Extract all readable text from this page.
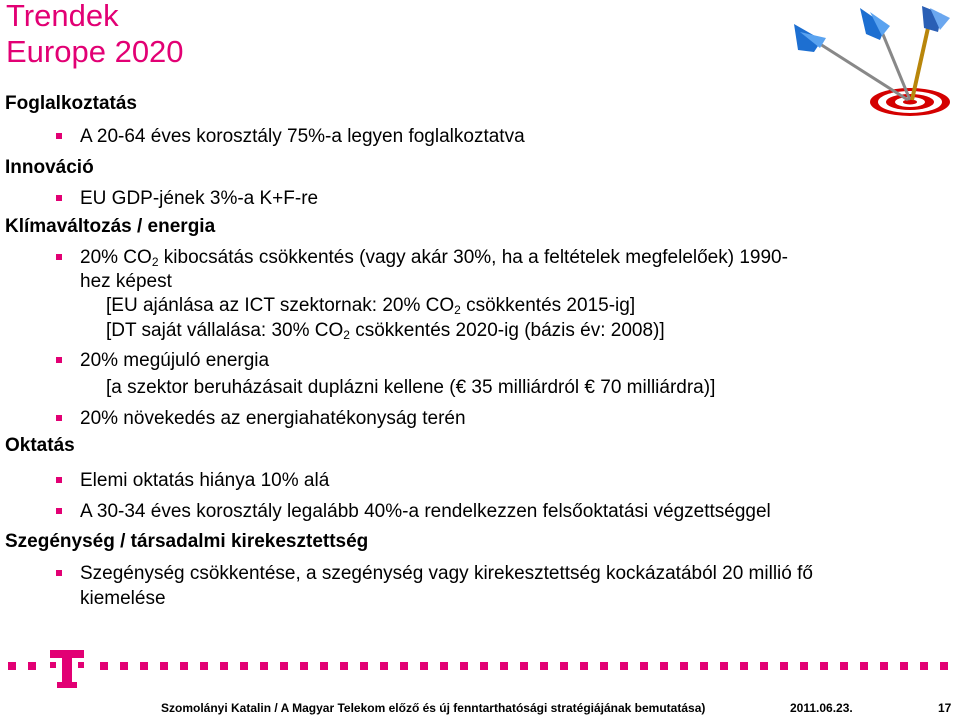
Trendek
Europe 2020
Foglalkoztatás
A 20-64 éves korosztály 75%-a legyen foglalkoztatva
Innováció
EU GDP-jének 3%-a K+F-re
Klímaváltozás / energia
20% $CO_2$ kibocsátás csökkentés (vagy akár 30%, ha a feltételek megfelelőek) 1990-
hez képest
[EU ajánlása az ICT szektornak: 20% $CO_2$ csökkentés 2015-ig]
[DT saját vállalása: 30% $CO_2$ csökkentés 2020-ig (bázis év: 2008)]
20% megújuló energia
[a szektor beruházásait duplázni kellene (€ 35 milliárdról € 70 milliárdra)]
20% növekedés az energiahatékonyság terén
Oktatás
Elemi oktatás hiánya 10% alá
A 30-34 éves korosztály legalább 40%-a rendelkezzen felsőoktatási végzettséggel
Szegénység / társadalmi kirekesztettség
Szegénység csökkentése, a szegénység vagy kirekesztettség kockázatából 20 millió fő
kiemelése
Szomolányi Katalin / A Magyar Telekom előző és új fenntarthatósági stratégiájának bemutatása)	2011.06.23.	17
